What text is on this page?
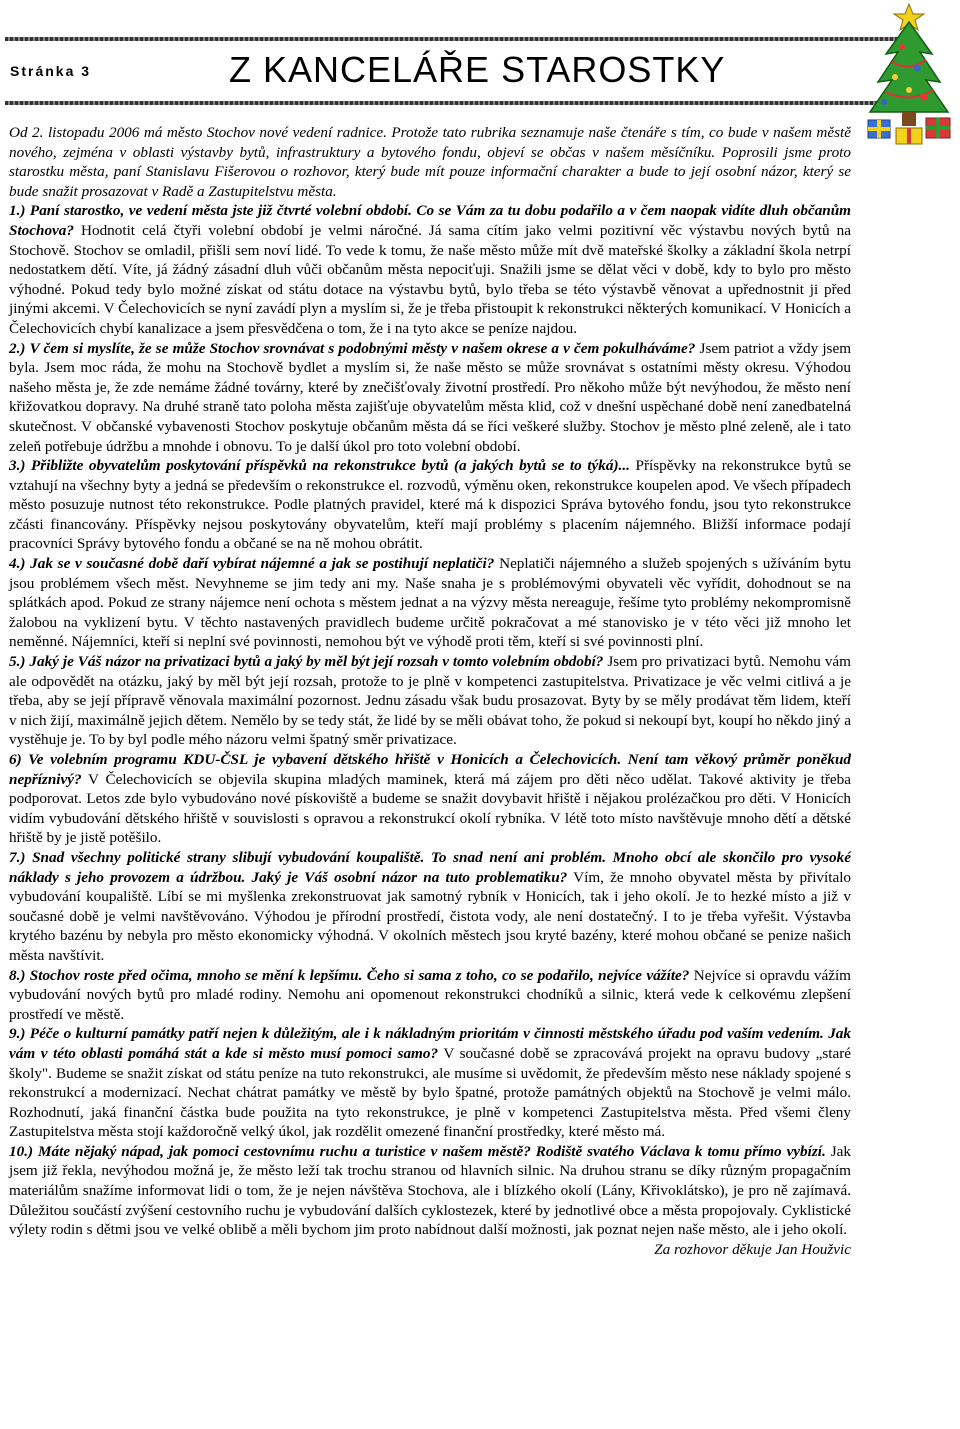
Stránka 3	Z KANCELÁŘE STAROSTKY

Od 2. listopadu 2006 má město Stochov nové vedení radnice. Protože tato rubrika seznamuje naše čtenáře s tím, co bude v našem městě nového, zejména v oblasti výstavby bytů, infrastruktury a bytového fondu, objeví se občas v našem měsíčníku. Poprosili jsme proto starostku města, paní Stanislavu Fišerovou o rozhovor, který bude mít pouze informační charakter a bude to její osobní názor, který se bude snažit prosazovat v Radě a Zastupitelstvu města.

1.) Paní starostko, ve vedení města jste již čtvrté volební období. Co se Vám za tu dobu podařilo a v čem naopak vidíte dluh občanům Stochova? Hodnotit celá čtyři volební období je velmi náročné. Já sama cítím jako velmi pozitivní věc výstavbu nových bytů na Stochově. Stochov se omladil, přišli sem noví lidé. To vede k tomu, že naše město může mít dvě mateřské školky a základní škola netrpí nedostatkem dětí. Víte, já žádný zásadní dluh vůči občanům města nepociťuji. Snažili jsme se dělat věci v době, kdy to bylo pro město výhodné. Pokud tedy bylo možné získat od státu dotace na výstavbu bytů, bylo třeba se této výstavbě věnovat a upřednostnit ji před jinými akcemi. V Čelechovicích se nyní zavádí plyn a myslím si, že je třeba přistoupit k rekonstrukci některých komunikací. V Honicích a Čelechovicích chybí kanalizace a jsem přesvědčena o tom, že i na tyto akce se peníze najdou.

2.) V čem si myslíte, že se může Stochov srovnávat s podobnými městy v našem okrese a v čem pokulháváme? Jsem patriot a vždy jsem byla. Jsem moc ráda, že mohu na Stochově bydlet a myslím si, že naše město se může srovnávat s ostatními městy okresu. Výhodou našeho města je, že zde nemáme žádné továrny, které by znečišťovaly životní prostředí. Pro někoho může být nevýhodou, že město není křižovatkou dopravy. Na druhé straně tato poloha města zajišťuje obyvatelům města klid, což v dnešní uspěchané době není zanedbatelná skutečnost. V občanské vybavenosti Stochov poskytuje občanům města dá se říci veškeré služby. Stochov je město plné zeleně, ale i tato zeleň potřebuje údržbu a mnohde i obnovu. To je další úkol pro toto volební období.

3.) Přibližte obyvatelům poskytování příspěvků na rekonstrukce bytů (a jakých bytů se to týká)... Příspěvky na rekonstrukce bytů se vztahují na všechny byty a jedná se především o rekonstrukce el. rozvodů, výměnu oken, rekonstrukce koupelen apod. Ve všech případech město posuzuje nutnost této rekonstrukce. Podle platných pravidel, které má k dispozici Správa bytového fondu, jsou tyto rekonstrukce zčásti financovány. Příspěvky nejsou poskytovány obyvatelům, kteří mají problémy s placením nájemného. Bližší informace podají pracovníci Správy bytového fondu a občané se na ně mohou obrátit.

4.) Jak se v současné době daří vybírat nájemné a jak se postihují neplatiči? Neplatiči nájemného a služeb spojených s užíváním bytu jsou problémem všech měst. Nevyhneme se jim tedy ani my. Naše snaha je s problémovými obyvateli věc vyřídit, dohodnout se na splátkách apod. Pokud ze strany nájemce není ochota s městem jednat a na výzvy města nereaguje, řešíme tyto problémy nekompromisně žalobou na vyklizení bytu. V těchto nastavených pravidlech budeme určitě pokračovat a mé stanovisko je v této věci již mnoho let neměnné. Nájemníci, kteří si neplní své povinnosti, nemohou být ve výhodě proti těm, kteří si své povinnosti plní.

5.) Jaký je Váš názor na privatizaci bytů a jaký by měl být její rozsah v tomto volebním období? Jsem pro privatizaci bytů. Nemohu vám ale odpovědět na otázku, jaký by měl být její rozsah, protože to je plně v kompetenci zastupitelstva. Privatizace je věc velmi citlivá a je třeba, aby se její přípravě věnovala maximální pozornost. Jednu zásadu však budu prosazovat. Byty by se měly prodávat těm lidem, kteří v nich žijí, maximálně jejich dětem. Nemělo by se tedy stát, že lidé by se měli obávat toho, že pokud si nekoupí byt, koupí ho někdo jiný a vystěhuje je. To by byl podle mého názoru velmi špatný směr privatizace.

6) Ve volebním programu KDU-ČSL je vybavení dětského hřiště v Honicích a Čelechovicích. Není tam věkový průměr poněkud nepříznivý? V Čelechovicích se objevila skupina mladých maminek, která má zájem pro děti něco udělat. Takové aktivity je třeba podporovat. Letos zde bylo vybudováno nové pískoviště a budeme se snažit dovybavit hřiště i nějakou prolézačkou pro děti. V Honicích vidím vybudování dětského hřiště v souvislosti s opravou a rekonstrukcí okolí rybníka. V létě toto místo navštěvuje mnoho dětí a dětské hřiště by je jistě potěšilo.

7.) Snad všechny politické strany slibují vybudování koupaliště. To snad není ani problém. Mnoho obcí ale skončilo pro vysoké náklady s jeho provozem a údržbou. Jaký je Váš osobní názor na tuto problematiku? Vím, že mnoho obyvatel města by přivítalo vybudování koupaliště. Líbí se mi myšlenka zrekonstruovat jak samotný rybník v Honicích, tak i jeho okolí. Je to hezké místo a již v současné době je velmi navštěvováno. Výhodou je přírodní prostředí, čistota vody, ale není dostatečný. I to je třeba vyřešit. Výstavba krytého bazénu by nebyla pro město ekonomicky výhodná. V okolních městech jsou kryté bazény, které mohou občané se penize našich města navštívit.

8.) Stochov roste před očima, mnoho se mění k lepšímu. Čeho si sama z toho, co se podařilo, nejvíce vážíte? Nejvíce si opravdu vážím vybudování nových bytů pro mladé rodiny. Nemohu ani opomenout rekonstrukci chodníků a silnic, která vede k celkovému zlepšení prostředí ve městě.

9.) Péče o kulturní památky patří nejen k důležitým, ale i k nákladným prioritám v činnosti městského úřadu pod vaším vedením. Jak vám v této oblasti pomáhá stát a kde si město musí pomoci samo? V současné době se zpracovává projekt na opravu budovy „staré školy". Budeme se snažit získat od státu peníze na tuto rekonstrukci, ale musíme si uvědomit, že především město nese náklady spojené s rekonstrukcí a modernizací. Nechat chátrat památky ve městě by bylo špatné, protože památných objektů na Stochově je velmi málo. Rozhodnutí, jaká finanční částka bude použita na tyto rekonstrukce, je plně v kompetenci Zastupitelstva města. Před všemi členy Zastupitelstva města stojí každoročně velký úkol, jak rozdělit omezené finanční prostředky, které město má.

10.) Máte nějaký nápad, jak pomoci cestovnímu ruchu a turistice v našem městě? Rodiště svatého Václava k tomu přímo vybízí. Jak jsem již řekla, nevýhodou možná je, že město leží tak trochu stranou od hlavních silnic. Na druhou stranu se díky různým propagačním materiálům snažíme informovat lidi o tom, že je nejen návštěva Stochova, ale i blízkého okolí (Lány, Křivoklátsko), je pro ně zajímavá. Důležitou součástí zvýšení cestovního ruchu je vybudování dalších cyklostezek, které by jednotlivé obce a města propojovaly. Cyklistické výlety rodin s dětmi jsou ve velké oblibě a měli bychom jim proto nabídnout další možnosti, jak poznat nejen naše město, ale i jeho okolí.
Za rozhovor děkuje Jan Houžvic
